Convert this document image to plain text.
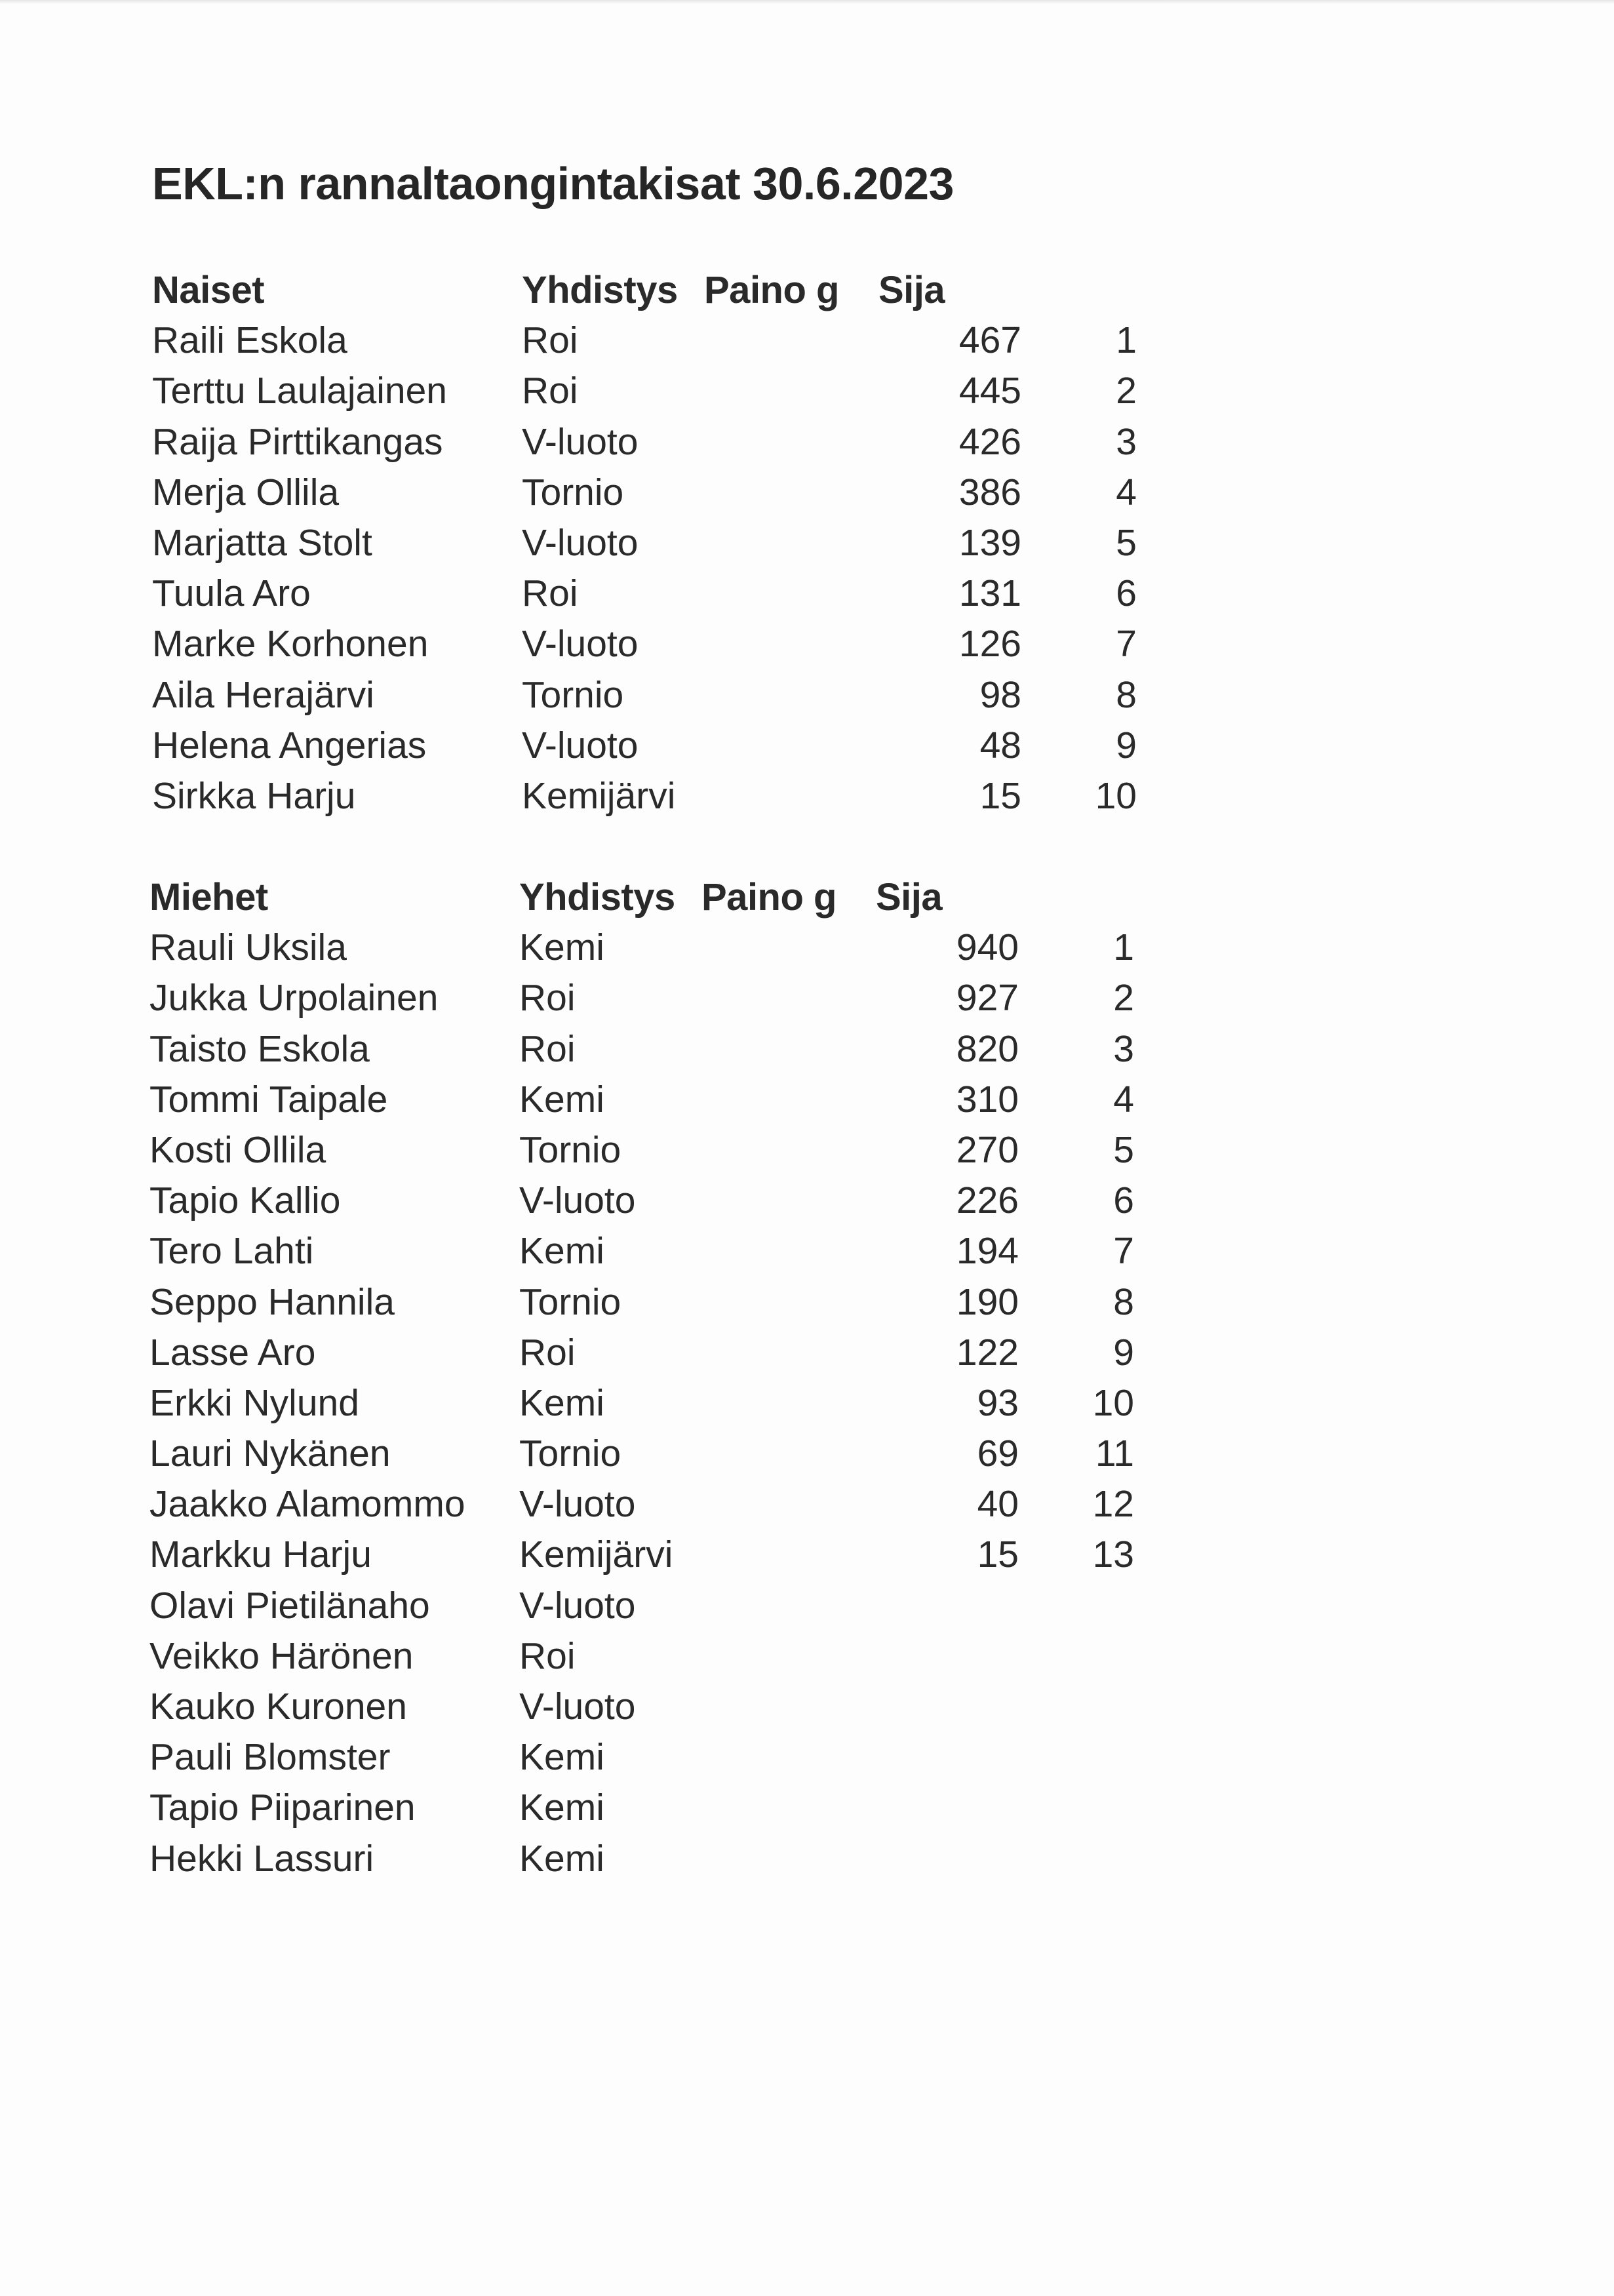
EKL:n rannaltaongintakisat 30.6.2023
Naiset	Yhdistys Paino g Sija
Raili Eskola	Roi	467	1
Terttu Laulajainen Roi	445	2
Raija Pirttikangas V-luoto	426	3
Merja Ollila	Tornio	386	4
Marjatta Stolt	V-luoto	139	5
Tuula Aro	Roi	131	6
Marke Korhonen	V-luoto	126	7
Aila Herajärvi	Tornio	98	8
Helena Angerias	V-luoto	48	9
Sirkka Harju	Kemijärvi	15	10
Miehet	Yhdistys Paino g Sija
Rauli Uksila	Kemi	940	1
Jukka Urpolainen Roi	927	2
Taisto Eskola	Roi	820	3
Tommi Taipale	Kemi	310	4
Kosti Ollila	Tornio	270	5
Tapio Kallio	V-luoto	226	6
Tero Lahti	Kemi	194	7
Seppo Hannila	Tornio	190	8
Lasse Aro	Roi	122	9
Erkki Nylund	Kemi	93	10
Lauri Nykänen	Tornio	69	11
Jaakko Alamommo V-luoto	40	12
Markku Harju	Kemijärvi	15	13
Olavi Pietilänaho V-luoto
Veikko Härönen	Roi
Kauko Kuronen	V-luoto
Pauli Blomster	Kemi
Tapio Piiparinen	Kemi
Hekki Lassuri	Kemi
